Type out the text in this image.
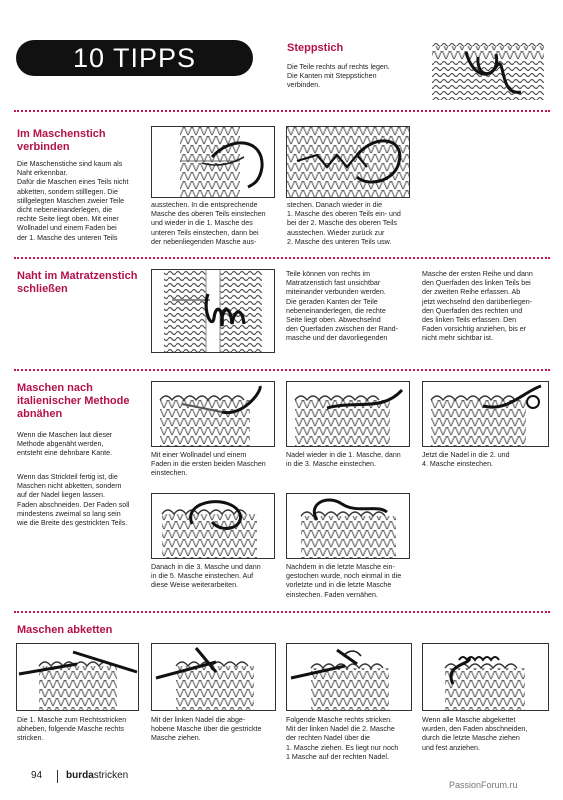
10 TIPPS	Steppstich
Die Teile rechts auf rechts legen.
Die Kanten mit Steppstichen
verbinden.
Im Maschenstich
verbinden
Die Maschenstiche sind kaum als
Naht erkennbar.
Dafür die Maschen eines Teils nicht
abketten, sondern stilllegen. Die
stillgelegten Maschen zweier Teile
dicht nebeneinanderlegen, die
rechte Seite liegt oben. Mit einer
Wollnadel und einem Faden bei
der 1. Masche des unteren Teils
ausstechen. In die entsprechende
Masche des oberen Teils einstechen
und wieder in die 1. Masche des
unteren Teils einstechen, dann bei
der nebenliegenden Masche aus-
stechen. Danach wieder in die
1. Masche des oberen Teils ein- und
bei der 2. Masche des oberen Teils
ausstechen. Wieder zurück zur
2. Masche des unteren Teils usw.
Naht im Matratzenstich
schließen
Teile können von rechts im
Matratzenstich fast unsichtbar
miteinander verbunden werden.
Die geraden Kanten der Teile
nebeneinanderlegen, die rechte
Seite liegt oben. Abwechselnd
den Querfaden zwischen der Rand-
masche und der davorliegenden
Masche der ersten Reihe und dann
den Querfaden des linken Teils bei
der zweiten Reihe erfassen. Ab
jetzt wechselnd den darüberliegen-
den Querfaden des rechten und
des linken Teils erfassen. Den
Faden vorsichtig anziehen, bis er
nicht mehr sichtbar ist.
Maschen nach
italienischer Methode
abnähen
Wenn die Maschen laut dieser
Methode abgenäht werden,
entsteht eine dehnbare Kante.
Wenn das Strickteil fertig ist, die
Maschen nicht abketten, sondern
auf der Nadel liegen lassen.
Faden abschneiden. Der Faden soll
mindestens zweimal so lang sein
wie die Breite des gestrickten Teils.
Mit einer Wollnadel und einem
Faden in die ersten beiden Maschen
einstechen.
Nadel wieder in die 1. Masche, dann
in die 3. Masche einstechen.
Jetzt die Nadel in die 2. und
4. Masche einstechen.
Danach in die 3. Masche und dann
in die 5. Masche einstechen. Auf
diese Weise weiterarbeiten.
Nachdem in die letzte Masche ein-
gestochen wurde, noch einmal in die
vorletzte und in die letzte Masche
einstechen. Faden vernähen.
Maschen abketten
Die 1. Masche zum Rechtsstricken
abheben, folgende Masche rechts
stricken.
Mit der linken Nadel die abge-
hobene Masche über die gestrickte
Masche ziehen.
Folgende Masche rechts stricken.
Mit der linken Nadel die 2. Masche
der rechten Nadel über die
1. Masche ziehen. Es liegt nur noch
1 Masche auf der rechten Nadel.
Wenn alle Masche abgekettet
wurden, den Faden abschneiden,
durch die letzte Masche ziehen
und fest anziehen.
94 burdastricken
PassionForum.ru
